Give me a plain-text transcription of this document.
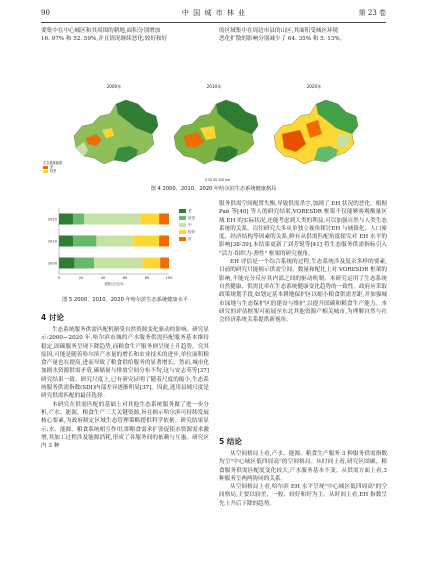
90	中 国 城 市 林 业	第 23 卷
要集中在中心城区和其周围的耕地,面积分别增加
16. 97% 和 52. 59%,并且情况继续恶化;较好和好
的区域集中在周边市县的山区,其面积受城区环境
恶化扩散的影响分别减少了 64. 35% 和 5. 13%。
2000年	2010年	2020年
生态系统健康
差
较差
0 25 50 100 km
图 4 2000、2010、2020 年哈尔滨生态系统健康格局
2020
2010
2000
0	20	40	60	80	100
面积占比/%
差
较差
中
较好
好
图 5 2000、2010、2020 年哈尔滨生态系统健康水平
4 讨论

生态系统服务供需匹配机制受自然资源变化驱动的影响。研究显示:2000—2020 年,哈尔滨市城的产水服务供需匹配服务基本维持稳定,固碳服务呈现下降趋势,而粮食生产服务则呈现上升趋势。究其原因,可能是随着哈尔滨产水量的增长和农业技术的进步,单位面积粮食产量也在提高,进而导致了粮食供给服务的显著增长。然而,城市化加剧水资源供需矛盾,碳储量与排放空间分布不均,这与安志英等[37] 研究结果一致。研究尺度上,已有研究证明了随着尺度的缩小,生态系统服务供需指数(SDI)内部差异逐渐明显[37]。因此,选用县域尺度是研究供需匹配的最佳选择。

本研究在供需匹配的基础上对其他生态系统服务做了进一步分析,产水、能源、粮食生产三大关键资源,旨在揭示哈尔滨可持续发展核心要素,为政府制定区域生态管理策略提供科学依据。研究结果显示:水、能源、粮食系统相互作用,即粮食需求扩张促使水资源需求激增,其加工过程涉及能源消耗,形成了各服务间的依赖与互惠。研究区内 3 种

服务供需空间配置失衡,导致供需杀字,加剧了 EH 状况的恶化。根据 Pan 等[40] 等人的研究结果,VORESDR 框架不仅能够客观衡量区域 EH 的实际状况,还能考虑到人类的利益,可以加强自然与人类生态系统的关系。以往研究大多从单独立视角探讨EH 与城镇化、人口密度、经济结构等因素的关系,鲜有从供需匹配角度探究对 EH 水平的影响[38-39],本结果更新了刘芳锐等[41] 将生态服务供需指标引入 "活力-组织力-弹性" 框架的研究视角。

EH 评估是一个综合系统的过程,生态系统涉及复杂多样的要素,目前的研究只能揭示供需空间、数量和配比上对 VORESDR 框架的影响,不能充分反应其内部之间的驱动机制。本研究运用了生态系统自然健康、供需比率在生态系统健康变化趋势的一致性。政府应采取政策规划手段,如划定基本耕地保护区以缩小粮食供需差距,并加强城市绿地与生态保护区的建设与维护,以提升固碳和粮食生产能力。本研究的评估框架可拓展至东北其他资源产相关城市,为理解自然与社会经济系统关系提供新视角。

5 结论

从空间格局上看,产水、能源、粮食生产服务 3 种服务供需指数均呈"中心城区低四周高"的空间格局。从时间上看,研究区固碳、粮食服务供需匹配度变化较大,产水服务基本不变。从供需方面上看,3 种服务呈两两协同的关系。

从空间格局上看,哈尔滨 EH 水平呈现"中心城区低四周高"的空间格局,主要以较差、一般、较好和好为主。从时间上看,EH 指数呈先上升后下降的趋势。
